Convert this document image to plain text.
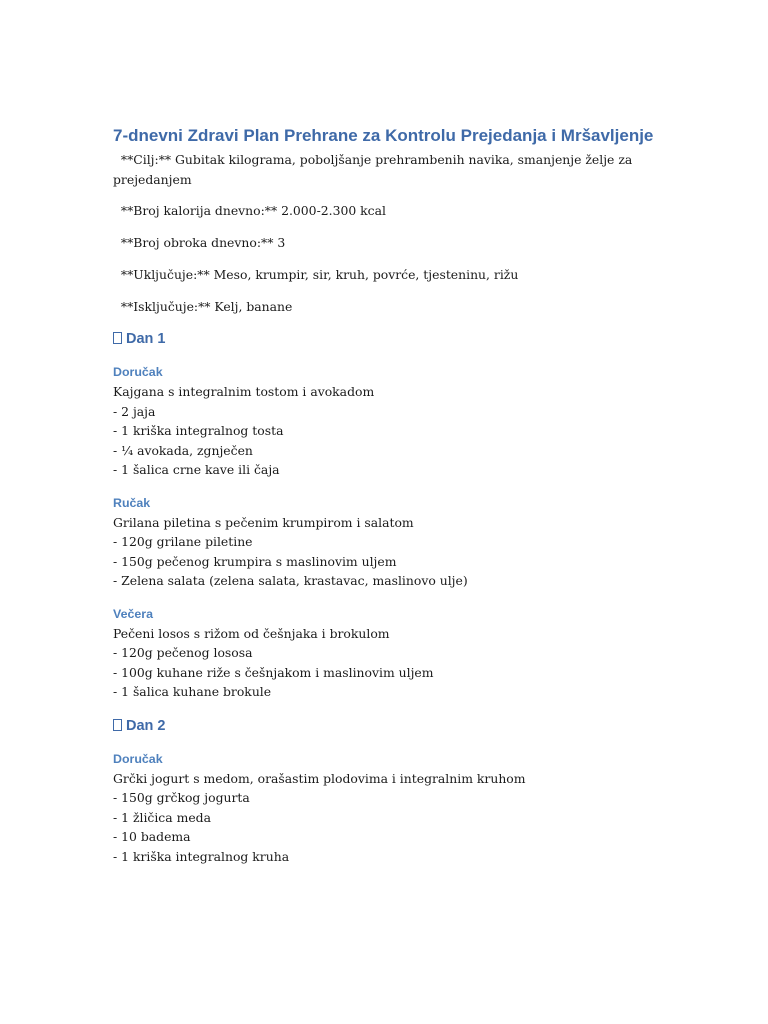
7-dnevni Zdravi Plan Prehrane za Kontrolu Prejedanja i Mršavljenje
**Cilj:** Gubitak kilograma, poboljšanje prehrambenih navika, smanjenje želje za prejedanjem
**Broj kalorija dnevno:** 2.000-2.300 kcal
**Broj obroka dnevno:** 3
**Uključuje:** Meso, krumpir, sir, kruh, povrće, tjesteninu, rižu
**Isključuje:** Kelj, banane
Dan 1
Doručak
Kajgana s integralnim tostom i avokadom
- 2 jaja
- 1 kriška integralnog tosta
- ¼ avokada, zgnječen
- 1 šalica crne kave ili čaja
Ručak
Grilana piletina s pečenim krumpirom i salatom
- 120g grilane piletine
- 150g pečenog krumpira s maslinovim uljem
- Zelena salata (zelena salata, krastavac, maslinovo ulje)
Večera
Pečeni losos s rižom od češnjaka i brokulom
- 120g pečenog lososa
- 100g kuhane riže s češnjakom i maslinovim uljem
- 1 šalica kuhane brokule
Dan 2
Doručak
Grčki jogurt s medom, orašastim plodovima i integralnim kruhom
- 150g grčkog jogurta
- 1 žličica meda
- 10 badema
- 1 kriška integralnog kruha
